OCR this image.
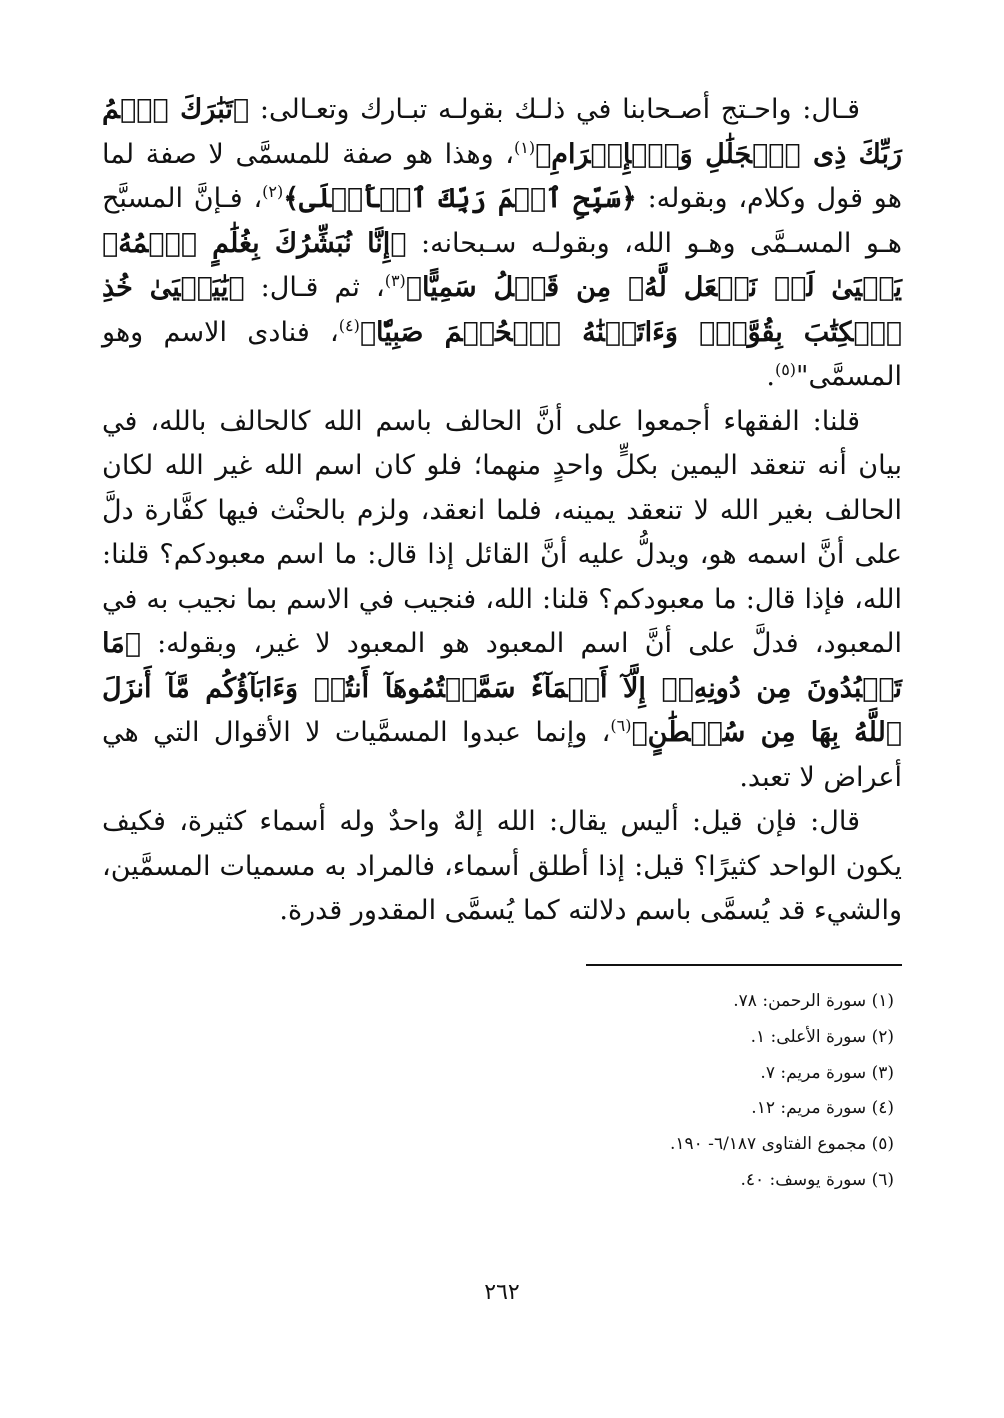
قـال: واحـتج أصـحابنا في ذلـك بقولـه تبـارك وتعـالى: ﴿تَبَٰرَكَ ٱسۡمُ رَبِّكَ ذِى ٱلۡجَلَٰلِ وَٱلۡإِكۡرَامِ﴾$^{(١)}$، وهذا هو صفة للمسمَّى لا صفة لما هو قول وكلام، وبقوله: ﴿سَبِّحِ ٱسۡمَ رَبِّكَ ٱلۡأَعۡلَى﴾$^{(٢)}$، فـإنَّ المسبَّح هـو المسـمَّى وهـو الله، وبقولـه سـبحانه: ﴿إِنَّا نُبَشِّرُكَ بِغُلَٰمٍ ٱسۡمُهُۥ يَحۡيَىٰ لَمۡ نَجۡعَل لَّهُۥ مِن قَبۡلُ سَمِيًّا﴾$^{(٣)}$، ثم قـال: ﴿يَٰيَحۡيَىٰ خُذِ ٱلۡكِتَٰبَ بِقُوَّةٖۖ وَءَاتَيۡنَٰهُ ٱلۡحُكۡمَ صَبِيّٗا﴾$^{(٤)}$، فنادى الاسم وهو المسمَّى"$^{(٥)}$.

قلنا: الفقهاء أجمعوا على أنَّ الحالف باسم الله كالحالف بالله، في بيان أنه تنعقد اليمين بكلٍّ واحدٍ منهما؛ فلو كان اسم الله غير الله لكان الحالف بغير الله لا تنعقد يمينه، فلما انعقد، ولزم بالحنْث فيها كفَّارة دلَّ على أنَّ اسمه هو، ويدلُّ عليه أنَّ القائل إذا قال: ما اسم معبودكم؟ قلنا: الله، فإذا قال: ما معبودكم؟ قلنا: الله، فنجيب في الاسم بما نجيب به في المعبود، فدلَّ على أنَّ اسم المعبود هو المعبود لا غير، وبقوله: ﴿مَا تَعۡبُدُونَ مِن دُونِهِۦٓ إِلَّآ أَسۡمَآءٗ سَمَّيۡتُمُوهَآ أَنتُمۡ وَءَابَآؤُكُم مَّآ أَنزَلَ ٱللَّهُ بِهَا مِن سُلۡطَٰنٍ﴾$^{(٦)}$، وإنما عبدوا المسمَّيات لا الأقوال التي هي أعراض لا تعبد.

قال: فإن قيل: أليس يقال: الله إلهٌ واحدٌ وله أسماء كثيرة، فكيف يكون الواحد كثيرًا؟ قيل: إذا أطلق أسماء، فالمراد به مسميات المسمَّين، والشيء قد يُسمَّى باسم دلالته كما يُسمَّى المقدور قدرة.

(١) سورة الرحمن: ٧٨.
(٢) سورة الأعلى: ١.
(٣) سورة مريم: ٧.
(٤) سورة مريم: ١٢.
(٥) مجموع الفتاوى ٦/١٨٧- ١٩٠.
(٦) سورة يوسف: ٤٠.
٢٦٢
